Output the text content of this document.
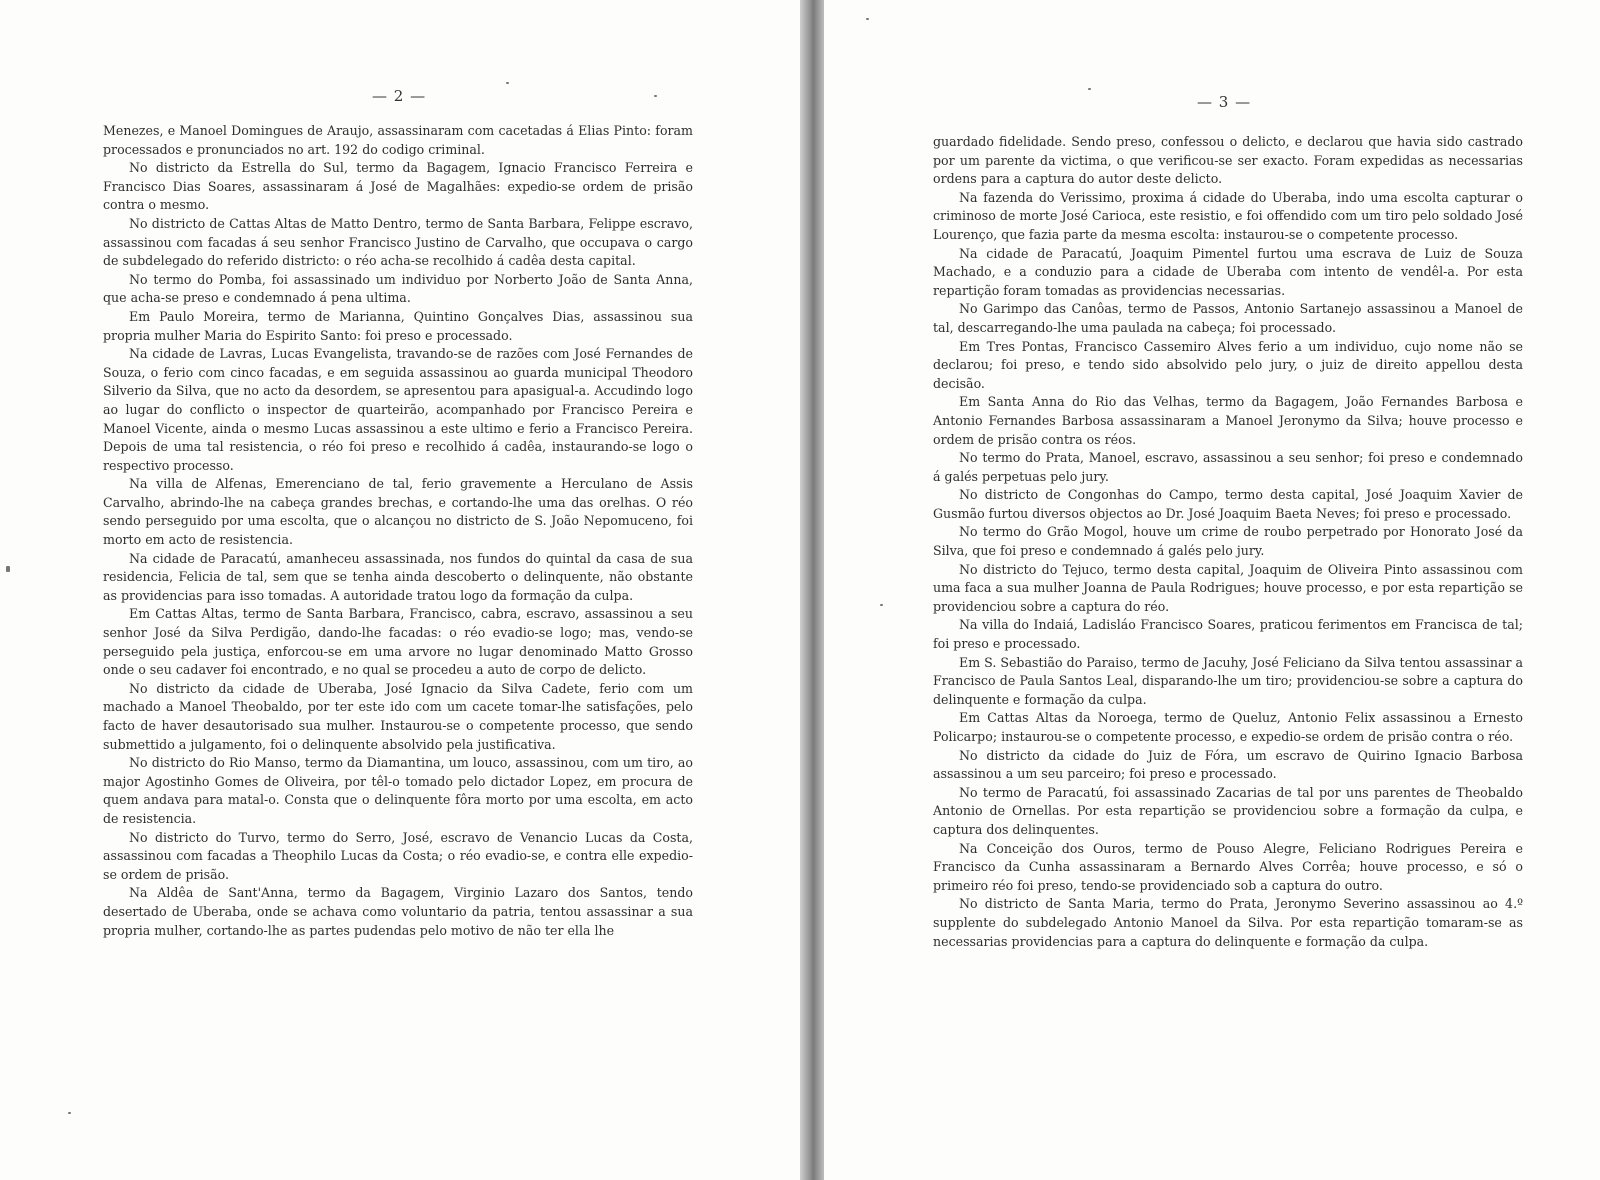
— 2 —

Menezes, e Manoel Domingues de Araujo, assassinaram com cacetadas á Elias Pinto: foram processados e pronunciados no art. 192 do codigo criminal.

No districto da Estrella do Sul, termo da Bagagem, Ignacio Francisco Ferreira e Francisco Dias Soares, assassinaram á José de Magalhães: expedio-se ordem de prisão contra o mesmo.

No districto de Cattas Altas de Matto Dentro, termo de Santa Barbara, Felippe escravo, assassinou com facadas á seu senhor Francisco Justino de Carvalho, que occupava o cargo de subdelegado do referido districto: o réo acha-se recolhido á cadêa desta capital.

No termo do Pomba, foi assassinado um individuo por Norberto João de Santa Anna, que acha-se preso e condemnado á pena ultima.

Em Paulo Moreira, termo de Marianna, Quintino Gonçalves Dias, assassinou sua propria mulher Maria do Espirito Santo: foi preso e processado.

Na cidade de Lavras, Lucas Evangelista, travando-se de razões com José Fernandes de Souza, o ferio com cinco facadas, e em seguida assassinou ao guarda municipal Theodoro Silverio da Silva, que no acto da desordem, se apresentou para apasigual-a. Accudindo logo ao lugar do conflicto o inspector de quarteirão, acompanhado por Francisco Pereira e Manoel Vicente, ainda o mesmo Lucas assassinou a este ultimo e ferio a Francisco Pereira. Depois de uma tal resistencia, o réo foi preso e recolhido á cadêa, instaurando-se logo o respectivo processo.

Na villa de Alfenas, Emerenciano de tal, ferio gravemente a Herculano de Assis Carvalho, abrindo-lhe na cabeça grandes brechas, e cortando-lhe uma das orelhas. O réo sendo perseguido por uma escolta, que o alcançou no districto de S. João Nepomuceno, foi morto em acto de resistencia.

Na cidade de Paracatú, amanheceu assassinada, nos fundos do quintal da casa de sua residencia, Felicia de tal, sem que se tenha ainda descoberto o delinquente, não obstante as providencias para isso tomadas. A autoridade tratou logo da formação da culpa.

Em Cattas Altas, termo de Santa Barbara, Francisco, cabra, escravo, assassinou a seu senhor José da Silva Perdigão, dando-lhe facadas: o réo evadio-se logo; mas, vendo-se perseguido pela justiça, enforcou-se em uma arvore no lugar denominado Matto Grosso onde o seu cadaver foi encontrado, e no qual se procedeu a auto de corpo de delicto.

No districto da cidade de Uberaba, José Ignacio da Silva Cadete, ferio com um machado a Manoel Theobaldo, por ter este ido com um cacete tomar-lhe satisfações, pelo facto de haver desautorisado sua mulher. Instaurou-se o competente processo, que sendo submettido a julgamento, foi o delinquente absolvido pela justificativa.

No districto do Rio Manso, termo da Diamantina, um louco, assassinou, com um tiro, ao major Agostinho Gomes de Oliveira, por têl-o tomado pelo dictador Lopez, em procura de quem andava para matal-o. Consta que o delinquente fôra morto por uma escolta, em acto de resistencia.

No districto do Turvo, termo do Serro, José, escravo de Venancio Lucas da Costa, assassinou com facadas a Theophilo Lucas da Costa; o réo evadio-se, e contra elle expedio-se ordem de prisão.

Na Aldêa de Sant'Anna, termo da Bagagem, Virginio Lazaro dos Santos, tendo desertado de Uberaba, onde se achava como voluntario da patria, tentou assassinar a sua propria mulher, cortando-lhe as partes pudendas pelo motivo de não ter ella lhe

— 3 —

guardado fidelidade. Sendo preso, confessou o delicto, e declarou que havia sido castrado por um parente da victima, o que verificou-se ser exacto. Foram expedidas as necessarias ordens para a captura do autor deste delicto.

Na fazenda do Verissimo, proxima á cidade do Uberaba, indo uma escolta capturar o criminoso de morte José Carioca, este resistio, e foi offendido com um tiro pelo soldado José Lourenço, que fazia parte da mesma escolta: instaurou-se o competente processo.

Na cidade de Paracatú, Joaquim Pimentel furtou uma escrava de Luiz de Souza Machado, e a conduzio para a cidade de Uberaba com intento de vendêl-a. Por esta repartição foram tomadas as providencias necessarias.

No Garimpo das Canôas, termo de Passos, Antonio Sartanejo assassinou a Manoel de tal, descarregando-lhe uma paulada na cabeça; foi processado.

Em Tres Pontas, Francisco Cassemiro Alves ferio a um individuo, cujo nome não se declarou; foi preso, e tendo sido absolvido pelo jury, o juiz de direito appellou desta decisão.

Em Santa Anna do Rio das Velhas, termo da Bagagem, João Fernandes Barbosa e Antonio Fernandes Barbosa assassinaram a Manoel Jeronymo da Silva; houve processo e ordem de prisão contra os réos.

No termo do Prata, Manoel, escravo, assassinou a seu senhor; foi preso e condemnado á galés perpetuas pelo jury.

No districto de Congonhas do Campo, termo desta capital, José Joaquim Xavier de Gusmão furtou diversos objectos ao Dr. José Joaquim Baeta Neves; foi preso e processado.

No termo do Grão Mogol, houve um crime de roubo perpetrado por Honorato José da Silva, que foi preso e condemnado á galés pelo jury.

No districto do Tejuco, termo desta capital, Joaquim de Oliveira Pinto assassinou com uma faca a sua mulher Joanna de Paula Rodrigues; houve processo, e por esta repartição se providenciou sobre a captura do réo.

Na villa do Indaiá, Ladisláo Francisco Soares, praticou ferimentos em Francisca de tal; foi preso e processado.

Em S. Sebastião do Paraiso, termo de Jacuhy, José Feliciano da Silva tentou assassinar a Francisco de Paula Santos Leal, disparando-lhe um tiro; providenciou-se sobre a captura do delinquente e formação da culpa.

Em Cattas Altas da Noroega, termo de Queluz, Antonio Felix assassinou a Ernesto Policarpo; instaurou-se o competente processo, e expedio-se ordem de prisão contra o réo.

No districto da cidade do Juiz de Fóra, um escravo de Quirino Ignacio Barbosa assassinou a um seu parceiro; foi preso e processado.

No termo de Paracatú, foi assassinado Zacarias de tal por uns parentes de Theobaldo Antonio de Ornellas. Por esta repartição se providenciou sobre a formação da culpa, e captura dos delinquentes.

Na Conceição dos Ouros, termo de Pouso Alegre, Feliciano Rodrigues Pereira e Francisco da Cunha assassinaram a Bernardo Alves Corrêa; houve processo, e só o primeiro réo foi preso, tendo-se providenciado sob a captura do outro.

No districto de Santa Maria, termo do Prata, Jeronymo Severino assassinou ao 4.º supplente do subdelegado Antonio Manoel da Silva. Por esta repartição tomaram-se as necessarias providencias para a captura do delinquente e formação da culpa.
